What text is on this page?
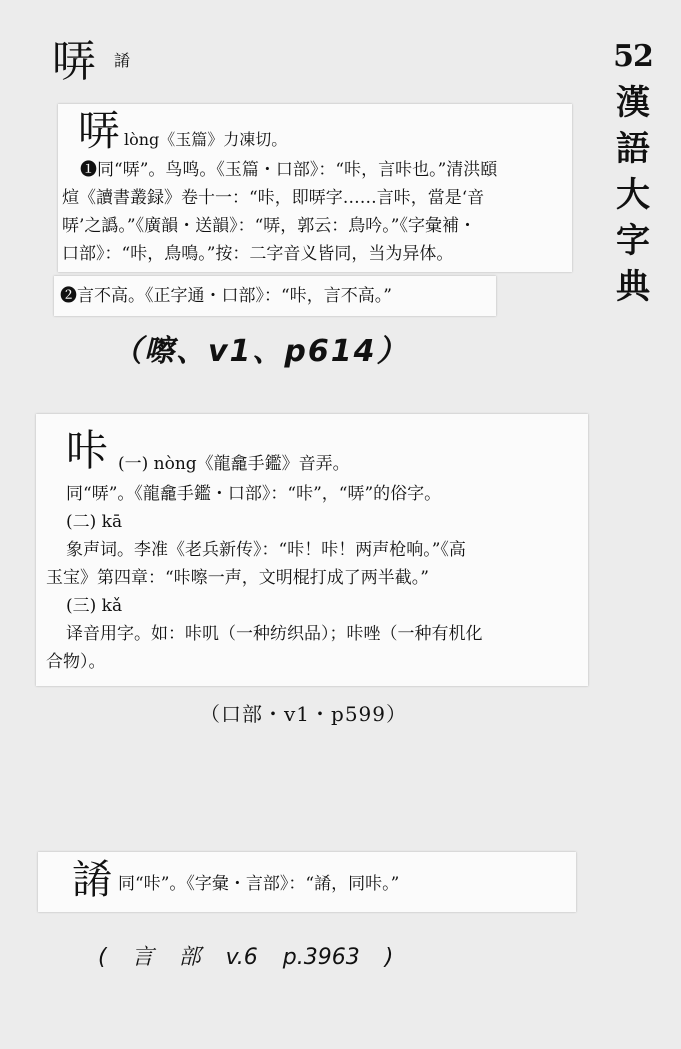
哢 誵	52
漢
語
大
字
典
哢 lòng《玉篇》力凍切。
❶同“哢”。鸟鸣。《玉篇・口部》：“咔，言咔也。”清洪頤
煊《讀書叢録》卷十一：“咔，即哢字……言咔，當是‘音
哢’之譌。”《廣韻・送韻》：“哢，郭云：鳥吟。”《字彙補・
口部》：“咔，鳥鳴。”按：二字音义皆同，当为异体。
❷言不高。《正字通・口部》：“咔，言不高。”
（嚓、v1、p614）
咔 (一) nòng《龍龕手鑑》音弄。
同“哢”。《龍龕手鑑・口部》：“咔”，“哢”的俗字。
(二) kā
象声词。李准《老兵新传》：“咔！咔！两声枪响。”《高
玉宝》第四章：“咔嚓一声，文明棍打成了两半截。”
(三) kǎ
译音用字。如：咔叽（一种纺织品）；咔唑（一种有机化
合物）。
（口部・v1・p599）
誵 同“咔”。《字彙・言部》：“誵，同咔。”
( 言 部 v.6 p.3963 )
